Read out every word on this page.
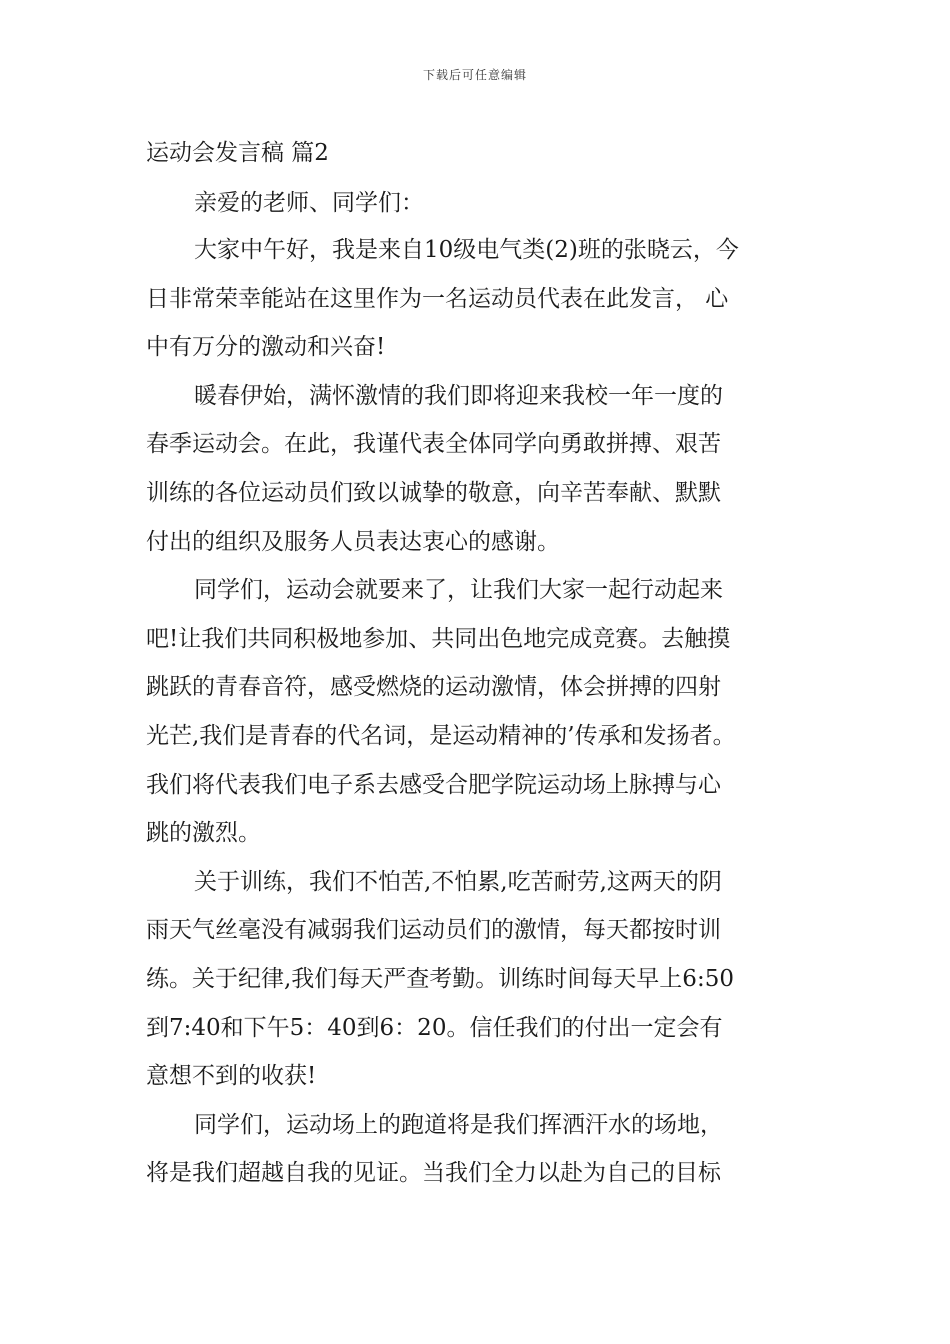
下载后可任意编辑
运动会发言稿 篇2
亲爱的老师、同学们：
大家中午好，我是来自10级电气类(2)班的张晓云，今
日非常荣幸能站在这里作为一名运动员代表在此发言， 心
中有万分的激动和兴奋!
暖春伊始，满怀激情的我们即将迎来我校一年一度的
春季运动会。在此，我谨代表全体同学向勇敢拼搏、艰苦
训练的各位运动员们致以诚挚的敬意，向辛苦奉献、默默
付出的组织及服务人员表达衷心的感谢。
同学们，运动会就要来了，让我们大家一起行动起来
吧!让我们共同积极地参加、共同出色地完成竞赛。去触摸
跳跃的青春音符，感受燃烧的运动激情，体会拼搏的四射
光芒,我们是青春的代名词，是运动精神的’传承和发扬者。
我们将代表我们电子系去感受合肥学院运动场上脉搏与心
跳的激烈。
关于训练，我们不怕苦,不怕累,吃苦耐劳,这两天的阴
雨天气丝毫没有减弱我们运动员们的激情，每天都按时训
练。关于纪律,我们每天严查考勤。训练时间每天早上6:50
到7:40和下午5：40到6：20。信任我们的付出一定会有
意想不到的收获!
同学们，运动场上的跑道将是我们挥洒汗水的场地，
将是我们超越自我的见证。当我们全力以赴为自己的目标
